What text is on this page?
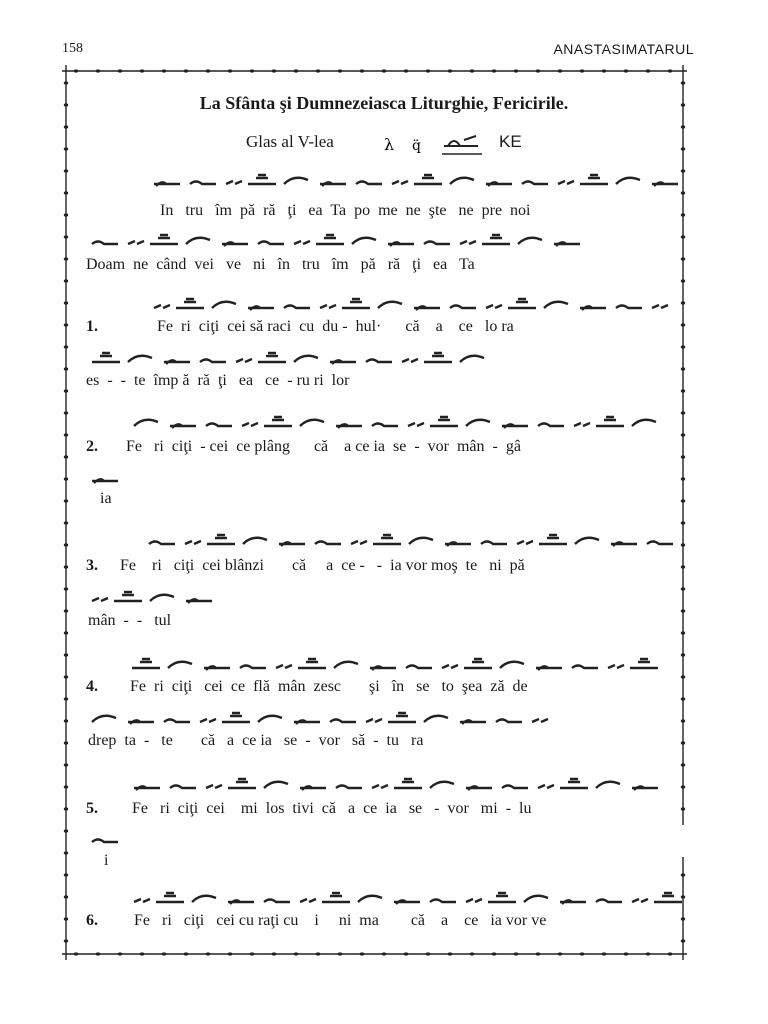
158	ANASTASIMATARUL
La Sfânta şi Dumnezeiasca Liturghie, Fericirile.
Glas al V-lea	λ q̈	KE
In   tru   îm  pă  ră   ţi   ea  Ta  po  me  ne  şte   ne  pre  noi
Doam  ne  când  vei   ve   ni   în   tru   îm   pă   ră   ţi   ea   Ta
1.	Fe  ri  ciţi  cei să raci  cu  du -  hul·      că    a    ce   lo ra
es  -  -  te  împ ă  ră  ţi   ea   ce  - ru ri  lor
2. Fe   ri  ciţi  - cei  ce plâng      că    a ce ia  se  -  vor  mân  -  gâ
ia
3. Fe    ri   ciţi  cei blânzi       că     a  ce -   -  ia vor moş  te   ni  pă
mân  -  -   tul
4. Fe  ri  ciţi   cei  ce  flă  mân  zesc       şi   în   se   to  şea  ză  de
drep  ta  -   te       că   a  ce ia   se  -  vor   să  -  tu   ra
5. Fe   ri  ciţi  cei    mi  los  tivi  că   a  ce  ia   se   -  vor   mi  -  lu
i
6. Fe   ri   ciţi   cei cu raţi cu    i     ni  ma        că    a    ce   ia vor ve
